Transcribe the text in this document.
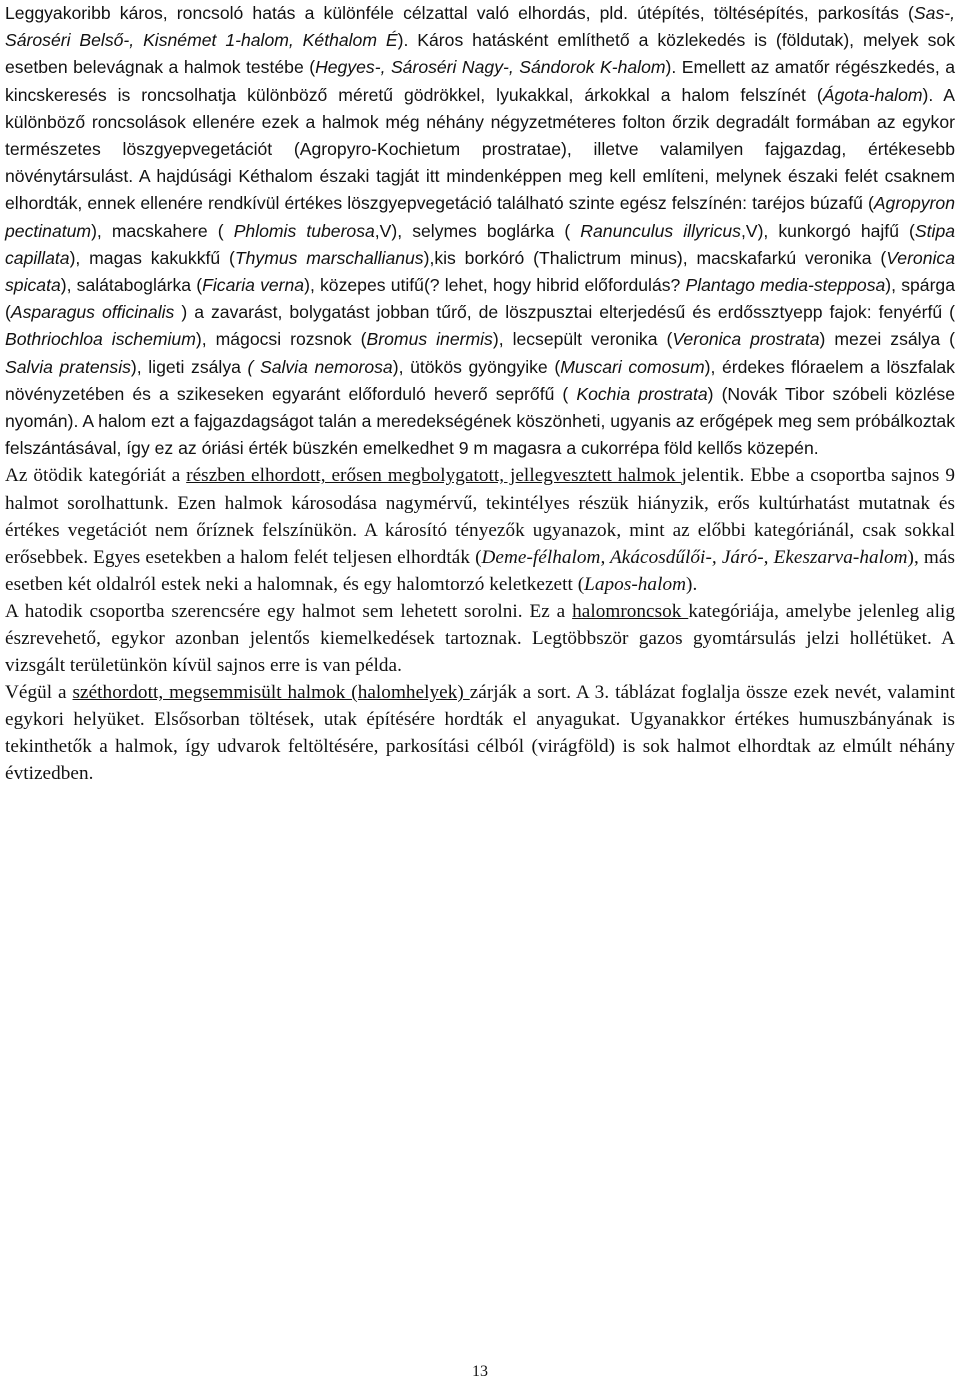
Leggyakoribb káros, roncsoló hatás a különféle célzattal való elhordás, pld. útépítés, töltésépítés, parkosítás (Sas-, Sároséri Belső-, Kisnémet 1-halom, Kéthalom É). Káros hatásként említhető a közlekedés is (földutak), melyek sok esetben belevágnak a halmok testébe (Hegyes-, Sároséri Nagy-, Sándorok K-halom). Emellett az amatőr régészkedés, a kincskeresés is roncsolhatja különböző méretű gödrökkel, lyukakkal, árkokkal a halom felszínét (Ágota-halom). A különböző roncsolások ellenére ezek a halmok még néhány négyzetméteres folton őrzik degradált formában az egykor természetes löszgyepvegetációt (Agropyro-Kochietum prostratae), illetve valamilyen fajgazdag, értékesebb növénytársulást. A hajdúsági Kéthalom északi tagját itt mindenképpen meg kell említeni, melynek északi felét csaknem elhordták, ennek ellenére rendkívül értékes löszgyepvegetáció található szinte egész felszínén: taréjos búzafű (Agropyron pectinatum), macskahere ( Phlomis tuberosa,V), selymes boglárka ( Ranunculus illyricus,V), kunkorgó hajfű (Stipa capillata), magas kakukkfű (Thymus marschallianus),kis borkóró (Thalictrum minus), macskafarkú veronika (Veronica spicata), salátaboglárka (Ficaria verna), közepes utifű(? lehet, hogy hibrid előfordulás? Plantago media-stepposa), spárga (Asparagus officinalis ) a zavarást, bolygatást jobban tűrő, de löszpusztai elterjedésű és erdőssztyepp fajok: fenyérfű ( Bothriochloa ischemium), mágocsi rozsnok (Bromus inermis), lecsepült veronika (Veronica prostrata) mezei zsálya ( Salvia pratensis), ligeti zsálya ( Salvia nemorosa), ütökös gyöngyike (Muscari comosum), érdekes flóraelem a löszfalak növényzetében és a szikeseken egyaránt előforduló heverő seprőfű ( Kochia prostrata) (Novák Tibor szóbeli közlése nyomán). A halom ezt a fajgazdagságot talán a meredekségének köszönheti, ugyanis az erőgépek meg sem próbálkoztak felszántásával, így ez az óriási érték büszkén emelkedhet 9 m magasra a cukorrépa föld kellős közepén.

Az ötödik kategóriát a részben elhordott, erősen megbolygatott, jellegvesztett halmok jelentik. Ebbe a csoportba sajnos 9 halmot sorolhattunk. Ezen halmok károsodása nagymérvű, tekintélyes részük hiányzik, erős kultúrhatást mutatnak és értékes vegetációt nem őríznek felszínükön. A károsító tényezők ugyanazok, mint az előbbi kategóriánál, csak sokkal erősebbek. Egyes esetekben a halom felét teljesen elhordták (Deme-félhalom, Akácosdűlői-, Járó-, Ekeszarva-halom), más esetben két oldalról estek neki a halomnak, és egy halomtorzó keletkezett (Lapos-halom).

A hatodik csoportba szerencsére egy halmot sem lehetett sorolni. Ez a halomroncsok kategóriája, amelybe jelenleg alig észrevehető, egykor azonban jelentős kiemelkedések tartoznak. Legtöbbször gazos gyomtársulás jelzi hollétüket. A vizsgált területünkön kívül sajnos erre is van példa.

Végül a széthordott, megsemmisült halmok (halomhelyek) zárják a sort. A 3. táblázat foglalja össze ezek nevét, valamint egykori helyüket. Elsősorban töltések, utak építésére hordták el anyagukat. Ugyanakkor értékes humuszbányának is tekinthetők a halmok, így udvarok feltöltésére, parkosítási célból (virágföld) is sok halmot elhordtak az elmúlt néhány évtizedben.

13
